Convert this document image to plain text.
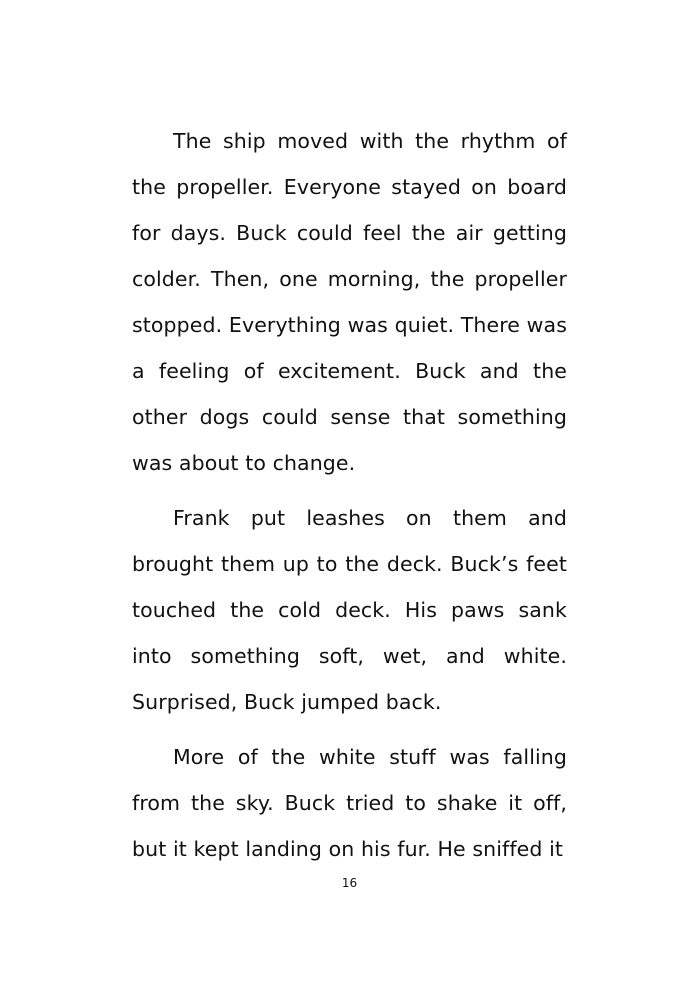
The ship moved with the rhythm of the propeller. Everyone stayed on board for days. Buck could feel the air getting colder. Then, one morning, the propeller stopped. Everything was quiet. There was a feeling of excitement. Buck and the other dogs could sense that something was about to change.

Frank put leashes on them and brought them up to the deck. Buck’s feet touched the cold deck. His paws sank into something soft, wet, and white. Surprised, Buck jumped back.

More of the white stuff was falling from the sky. Buck tried to shake it off, but it kept landing on his fur. He sniffed it

16
